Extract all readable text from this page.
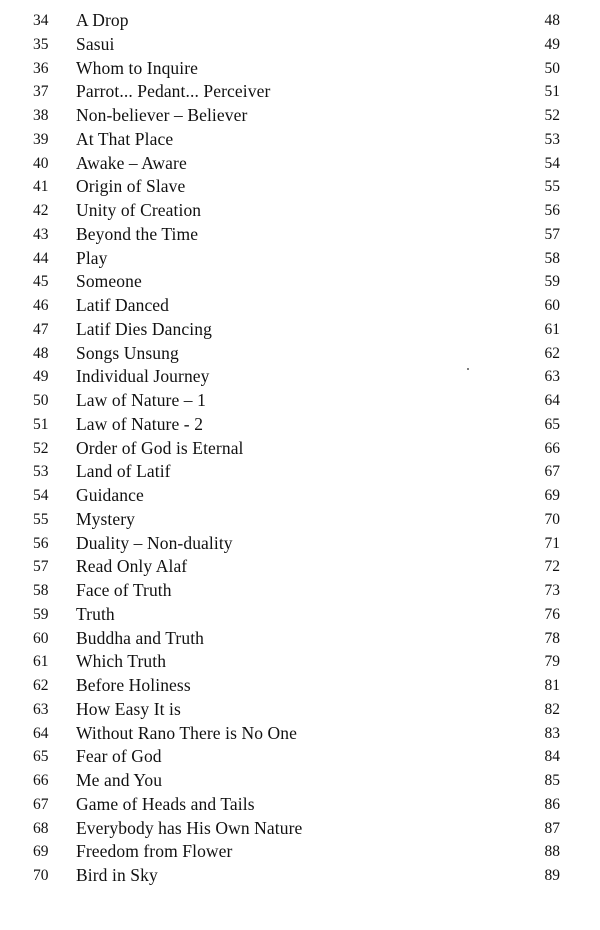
34	A Drop	48
35	Sasui	49
36	Whom to Inquire	50
37	Parrot... Pedant... Perceiver	51
38	Non-believer – Believer	52
39	At That Place	53
40	Awake – Aware	54
41	Origin of Slave	55
42	Unity of Creation	56
43	Beyond the Time	57
44	Play	58
45	Someone	59
46	Latif Danced	60
47	Latif Dies Dancing	61
48	Songs Unsung	62
49	Individual Journey	63
50	Law of Nature – 1	64
51	Law of Nature - 2	65
52	Order of God is Eternal	66
53	Land of Latif	67
54	Guidance	69
55	Mystery	70
56	Duality – Non-duality	71
57	Read Only Alaf	72
58	Face of Truth	73
59	Truth	76
60	Buddha and Truth	78
61	Which Truth	79
62	Before Holiness	81
63	How Easy It is	82
64	Without Rano There is No One	83
65	Fear of God	84
66	Me and You	85
67	Game of Heads and Tails	86
68	Everybody has His Own Nature	87
69	Freedom from Flower	88
70	Bird in Sky	89
